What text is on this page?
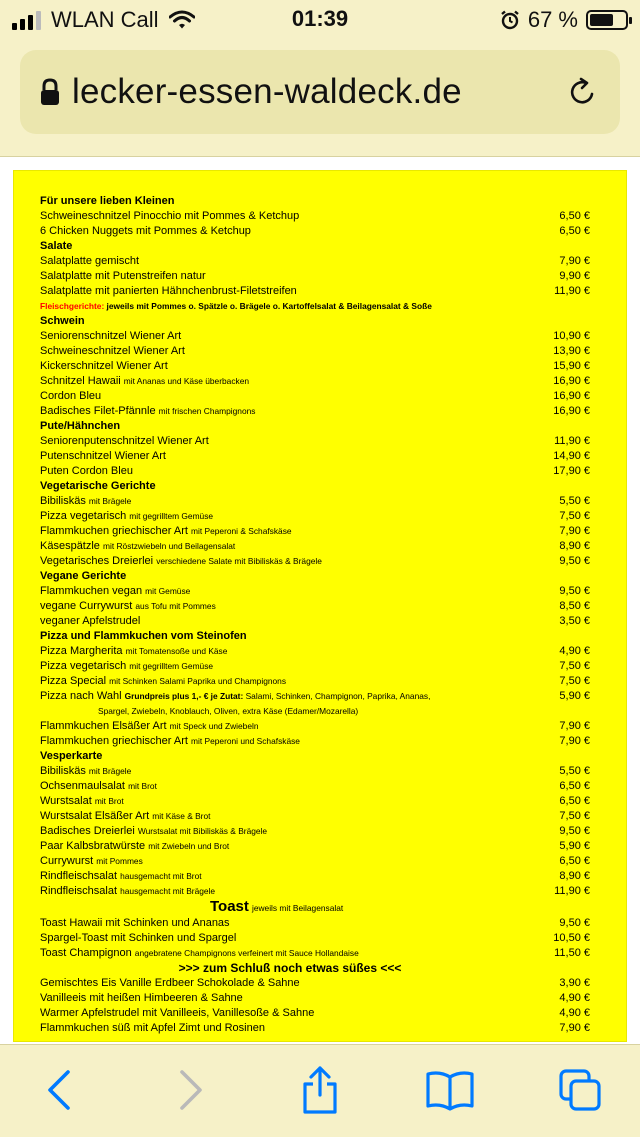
WLAN Call	01:39	67 %
lecker-essen-waldeck.de
Für unsere lieben Kleinen
Schweineschnitzel Pinocchio mit Pommes & Ketchup	6,50 €
6 Chicken Nuggets mit Pommes & Ketchup	6,50 €
Salate
Salatplatte gemischt	7,90 €
Salatplatte mit Putenstreifen natur	9,90 €
Salatplatte mit panierten Hähnchenbrust-Filetstreifen	11,90 €
Fleischgerichte: jeweils mit Pommes o. Spätzle o. Brägele o. Kartoffelsalat & Beilagensalat & Soße
Schwein
Seniorenschnitzel Wiener Art	10,90 €
Schweineschnitzel Wiener Art	13,90 €
Kickerschnitzel Wiener Art	15,90 €
Schnitzel Hawaii mit Ananas und Käse überbacken	16,90 €
Cordon Bleu	16,90 €
Badisches Filet-Pfännle mit frischen Champignons	16,90 €
Pute/Hähnchen
Seniorenputenschnitzel Wiener Art	11,90 €
Putenschnitzel Wiener Art	14,90 €
Puten Cordon Bleu	17,90 €
Vegetarische Gerichte
Bibiliskäs mit Brägele	5,50 €
Pizza vegetarisch mit gegrilltem Gemüse	7,50 €
Flammkuchen griechischer Art mit Peperoni & Schafskäse	7,90 €
Käsespätzle mit Röstzwiebeln und Beilagensalat	8,90 €
Vegetarisches Dreierlei verschiedene Salate mit Bibiliskäs & Brägele	9,50 €
Vegane Gerichte
Flammkuchen vegan mit Gemüse	9,50 €
vegane Currywurst aus Tofu mit Pommes	8,50 €
veganer Apfelstrudel	3,50 €
Pizza und Flammkuchen vom Steinofen
Pizza Margherita mit Tomatensoße und Käse	4,90 €
Pizza vegetarisch mit gegrilltem Gemüse	7,50 €
Pizza Special mit Schinken Salami Paprika und Champignons	7,50 €
Pizza nach Wahl Grundpreis plus 1,- € je Zutat: Salami, Schinken, Champignon, Paprika, Ananas,	5,90 €
Spargel, Zwiebeln, Knoblauch, Oliven, extra Käse (Edamer/Mozarella)
Flammkuchen Elsäßer Art mit Speck und Zwiebeln	7,90 €
Flammkuchen griechischer Art mit Peperoni und Schafskäse	7,90 €
Vesperkarte
Bibiliskäs mit Brägele	5,50 €
Ochsenmaulsalat mit Brot	6,50 €
Wurstsalat mit Brot	6,50 €
Wurstsalat Elsäßer Art mit Käse & Brot	7,50 €
Badisches Dreierlei Wurstsalat mit Bibiliskäs & Brägele	9,50 €
Paar Kalbsbratwürste mit Zwiebeln und Brot	5,90 €
Currywurst mit Pommes	6,50 €
Rindfleischsalat hausgemacht mit Brot	8,90 €
Rindfleischsalat hausgemacht mit Brägele	11,90 €
Toast jeweils mit Beilagensalat
Toast Hawaii mit Schinken und Ananas	9,50 €
Spargel-Toast mit Schinken und Spargel	10,50 €
Toast Champignon angebratene Champignons verfeinert mit Sauce Hollandaise	11,50 €
>>> zum Schluß noch etwas süßes <<<
Gemischtes Eis Vanille Erdbeer Schokolade & Sahne	3,90 €
Vanilleeis mit heißen Himbeeren & Sahne	4,90 €
Warmer Apfelstrudel mit Vanilleeis, Vanillesoße & Sahne	4,90 €
Flammkuchen süß mit Apfel Zimt und Rosinen	7,90 €
